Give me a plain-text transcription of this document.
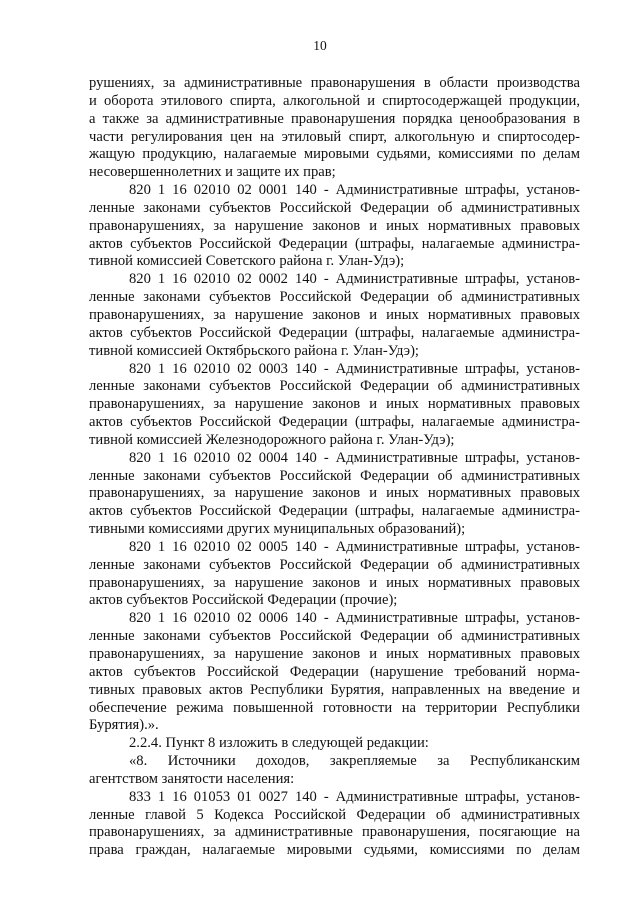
10
рушениях, за административные правонарушения в области производства
и оборота этилового спирта, алкогольной и спиртосодержащей продукции,
а также за административные правонарушения порядка ценообразования в
части регулирования цен на этиловый спирт, алкогольную и спиртосодер-
жащую продукцию, налагаемые мировыми судьями, комиссиями по делам
несовершеннолетних и защите их прав;
820 1 16 02010 02 0001 140 - Административные штрафы, установ-
ленные законами субъектов Российской Федерации об административных
правонарушениях, за нарушение законов и иных нормативных правовых
актов субъектов Российской Федерации (штрафы, налагаемые администра-
тивной комиссией Советского района г. Улан-Удэ);
820 1 16 02010 02 0002 140 - Административные штрафы, установ-
ленные законами субъектов Российской Федерации об административных
правонарушениях, за нарушение законов и иных нормативных правовых
актов субъектов Российской Федерации (штрафы, налагаемые администра-
тивной комиссией Октябрьского района г. Улан-Удэ);
820 1 16 02010 02 0003 140 - Административные штрафы, установ-
ленные законами субъектов Российской Федерации об административных
правонарушениях, за нарушение законов и иных нормативных правовых
актов субъектов Российской Федерации (штрафы, налагаемые администра-
тивной комиссией Железнодорожного района г. Улан-Удэ);
820 1 16 02010 02 0004 140 - Административные штрафы, установ-
ленные законами субъектов Российской Федерации об административных
правонарушениях, за нарушение законов и иных нормативных правовых
актов субъектов Российской Федерации (штрафы, налагаемые администра-
тивными комиссиями других муниципальных образований);
820 1 16 02010 02 0005 140 - Административные штрафы, установ-
ленные законами субъектов Российской Федерации об административных
правонарушениях, за нарушение законов и иных нормативных правовых
актов субъектов Российской Федерации (прочие);
820 1 16 02010 02 0006 140 - Административные штрафы, установ-
ленные законами субъектов Российской Федерации об административных
правонарушениях, за нарушение законов и иных нормативных правовых
актов субъектов Российской Федерации (нарушение требований норма-
тивных правовых актов Республики Бурятия, направленных на введение и
обеспечение режима повышенной готовности на территории Республики
Бурятия).».
2.2.4. Пункт 8 изложить в следующей редакции:
«8. Источники доходов, закрепляемые за Республиканским
агентством занятости населения:
833 1 16 01053 01 0027 140 - Административные штрафы, установ-
ленные главой 5 Кодекса Российской Федерации об административных
правонарушениях, за административные правонарушения, посягающие на
права граждан, налагаемые мировыми судьями, комиссиями по делам
